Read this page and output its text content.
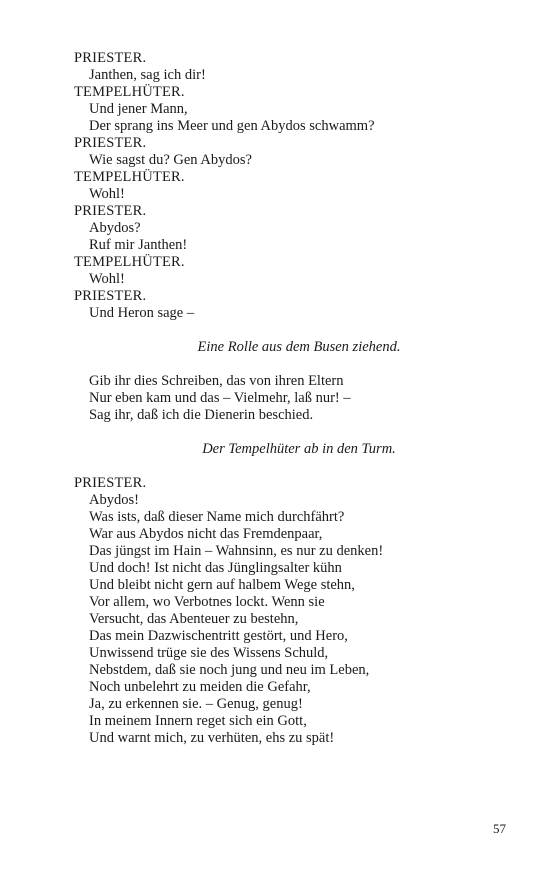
PRIESTER.
Janthen, sag ich dir!
TEMPELHÜTER.
Und jener Mann,
Der sprang ins Meer und gen Abydos schwamm?
PRIESTER.
Wie sagst du? Gen Abydos?
TEMPELHÜTER.
Wohl!
PRIESTER.
Abydos?
Ruf mir Janthen!
TEMPELHÜTER.
Wohl!
PRIESTER.
Und Heron sage –
Eine Rolle aus dem Busen ziehend.
Gib ihr dies Schreiben, das von ihren Eltern
Nur eben kam und das – Vielmehr, laß nur! –
Sag ihr, daß ich die Dienerin beschied.
Der Tempelhüter ab in den Turm.
PRIESTER.
Abydos!
Was ists, daß dieser Name mich durchfährt?
War aus Abydos nicht das Fremdenpaar,
Das jüngst im Hain – Wahnsinn, es nur zu denken!
Und doch! Ist nicht das Jünglingsalter kühn
Und bleibt nicht gern auf halbem Wege stehn,
Vor allem, wo Verbotnes lockt. Wenn sie
Versucht, das Abenteuer zu bestehn,
Das mein Dazwischentritt gestört, und Hero,
Unwissend trüge sie des Wissens Schuld,
Nebstdem, daß sie noch jung und neu im Leben,
Noch unbelehrt zu meiden die Gefahr,
Ja, zu erkennen sie. – Genug, genug!
In meinem Innern reget sich ein Gott,
Und warnt mich, zu verhüten, ehs zu spät!
57
